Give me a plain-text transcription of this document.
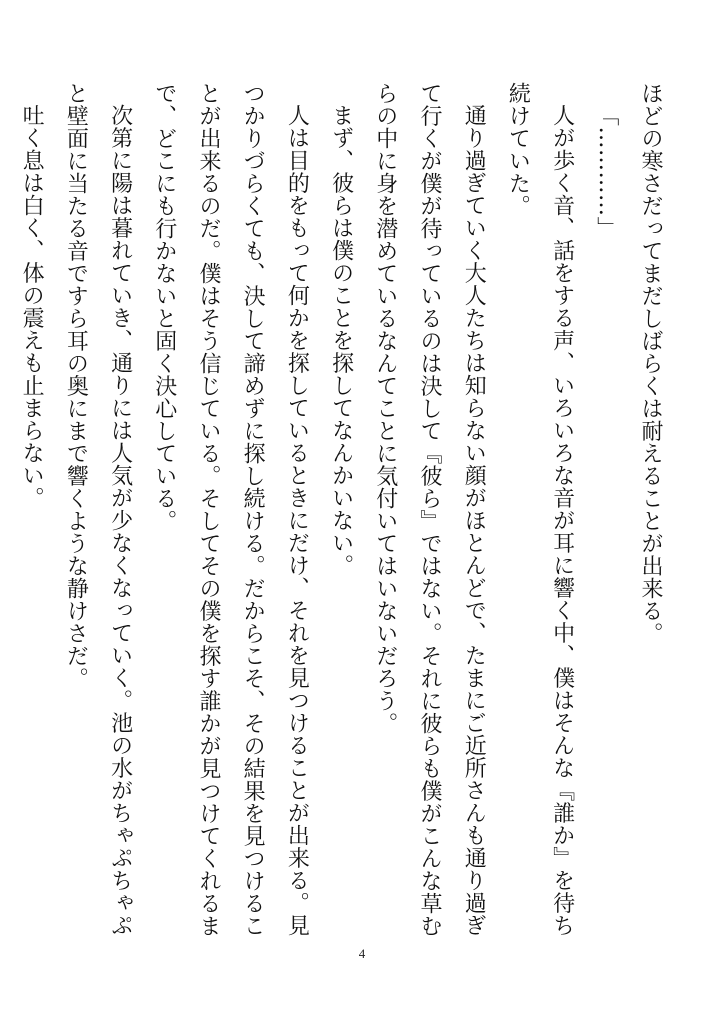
ほどの寒さだってまだしばらくは耐えることが出来る。
「…………」
人が歩く音、話をする声、いろいろな音が耳に響く中、僕はそんな『誰か』を待ち
続けていた。
通り過ぎていく大人たちは知らない顔がほとんどで、たまにご近所さんも通り過ぎ
て行くが僕が待っているのは決して『彼ら』ではない。それに彼らも僕がこんな草む
らの中に身を潜めているなんてことに気付いてはいないだろう。
まず、彼らは僕のことを探してなんかいない。
人は目的をもって何かを探しているときにだけ、それを見つけることが出来る。見
つかりづらくても、決して諦めずに探し続ける。だからこそ、その結果を見つけるこ
とが出来るのだ。僕はそう信じている。そしてその僕を探す誰かが見つけてくれるま
で、どこにも行かないと固く決心している。
次第に陽は暮れていき、通りには人気が少なくなっていく。池の水がちゃぷちゃぷ
と壁面に当たる音ですら耳の奥にまで響くような静けさだ。
吐く息は白く、体の震えも止まらない。
4
